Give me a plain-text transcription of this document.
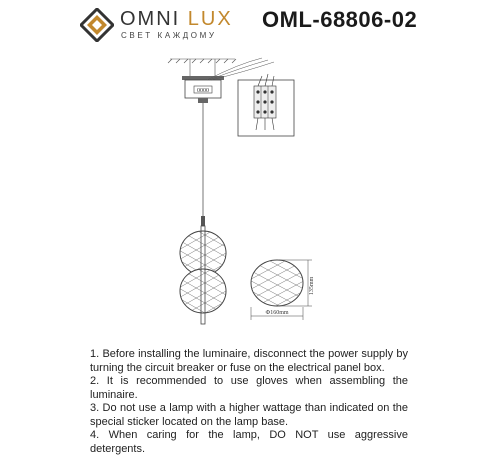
OMNI LUX
СВЕТ КАЖДОМУ
OML-68806-02
0000
135mm
Ф160mm

1. Before installing the luminaire, disconnect the power supply by turning the circuit breaker or fuse on the electrical panel box.

2. It is recommended to use gloves when assembling the luminaire.

3. Do not use a lamp with a higher wattage than indicated on the special sticker located on the lamp base.

4. When caring for the lamp, DO NOT use aggressive detergents.
